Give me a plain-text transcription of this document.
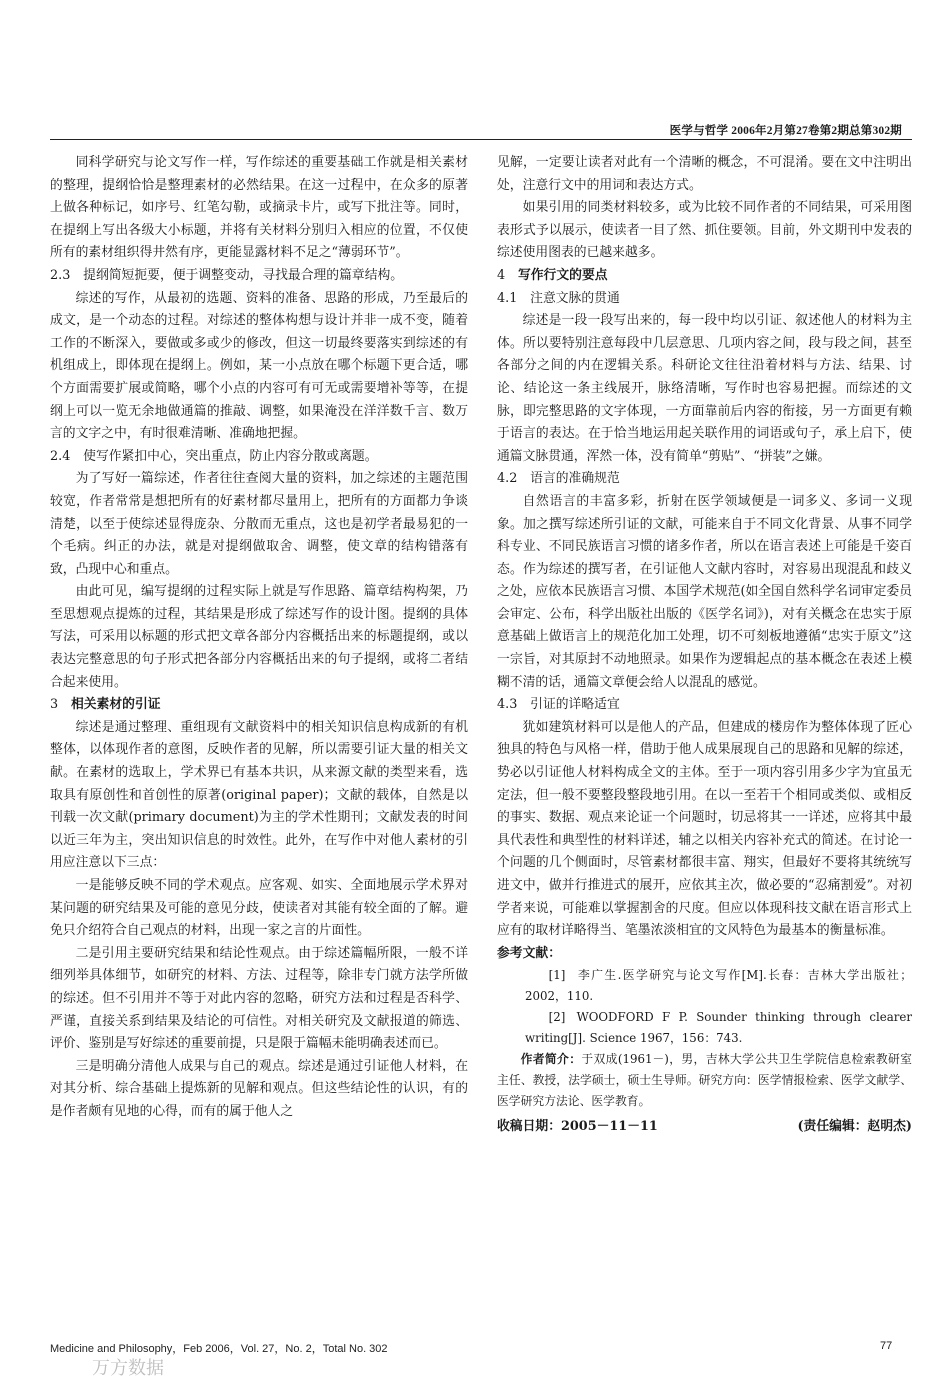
医学与哲学 2006年2月第27卷第2期总第302期

同科学研究与论文写作一样，写作综述的重要基础工作就是相关素材的整理，提纲恰恰是整理素材的必然结果。在这一过程中，在众多的原著上做各种标记，如序号、红笔勾勒，或摘录卡片，或写下批注等。同时，在提纲上写出各级大小标题，并将有关材料分别归入相应的位置，不仅使所有的素材组织得井然有序，更能显露材料不足之“薄弱环节”。

2.3 提纲简短扼要，便于调整变动，寻找最合理的篇章结构。

综述的写作，从最初的选题、资料的准备、思路的形成，乃至最后的成文，是一个动态的过程。对综述的整体构想与设计并非一成不变，随着工作的不断深入，要做或多或少的修改，但这一切最终要落实到综述的有机组成上，即体现在提纲上。例如，某一小点放在哪个标题下更合适，哪个方面需要扩展或简略，哪个小点的内容可有可无或需要增补等等，在提纲上可以一览无余地做通篇的推敲、调整，如果淹没在洋洋数千言、数万言的文字之中，有时很难清晰、准确地把握。

2.4 使写作紧扣中心，突出重点，防止内容分散或离题。

为了写好一篇综述，作者往往查阅大量的资料，加之综述的主题范围较宽，作者常常是想把所有的好素材都尽量用上，把所有的方面都力争谈清楚，以至于使综述显得庞杂、分散而无重点，这也是初学者最易犯的一个毛病。纠正的办法，就是对提纲做取舍、调整，使文章的结构错落有致，凸现中心和重点。

由此可见，编写提纲的过程实际上就是写作思路、篇章结构构架，乃至思想观点提炼的过程，其结果是形成了综述写作的设计图。提纲的具体写法，可采用以标题的形式把文章各部分内容概括出来的标题提纲，或以表达完整意思的句子形式把各部分内容概括出来的句子提纲，或将二者结合起来使用。

3 相关素材的引证

综述是通过整理、重组现有文献资料中的相关知识信息构成新的有机整体，以体现作者的意图，反映作者的见解，所以需要引证大量的相关文献。在素材的选取上，学术界已有基本共识，从来源文献的类型来看，选取具有原创性和首创性的原著(original paper)；文献的载体，自然是以刊载一次文献(primary document)为主的学术性期刊；文献发表的时间以近三年为主，突出知识信息的时效性。此外，在写作中对他人素材的引用应注意以下三点：

一是能够反映不同的学术观点。应客观、如实、全面地展示学术界对某问题的研究结果及可能的意见分歧，使读者对其能有较全面的了解。避免只介绍符合自己观点的材料，出现一家之言的片面性。

二是引用主要研究结果和结论性观点。由于综述篇幅所限，一般不详细列举具体细节，如研究的材料、方法、过程等，除非专门就方法学所做的综述。但不引用并不等于对此内容的忽略，研究方法和过程是否科学、严谨，直接关系到结果及结论的可信性。对相关研究及文献报道的筛选、评价、鉴别是写好综述的重要前提，只是限于篇幅未能明确表述而已。

三是明确分清他人成果与自己的观点。综述是通过引证他人材料，在对其分析、综合基础上提炼新的见解和观点。但这些结论性的认识，有的是作者颇有见地的心得，而有的属于他人之

见解，一定要让读者对此有一个清晰的概念，不可混淆。要在文中注明出处，注意行文中的用词和表达方式。

如果引用的同类材料较多，或为比较不同作者的不同结果，可采用图表形式予以展示，使读者一目了然、抓住要领。目前，外文期刊中发表的综述使用图表的已越来越多。

4 写作行文的要点

4.1 注意文脉的贯通

综述是一段一段写出来的，每一段中均以引证、叙述他人的材料为主体。所以要特别注意每段中几层意思、几项内容之间，段与段之间，甚至各部分之间的内在逻辑关系。科研论文往往沿着材料与方法、结果、讨论、结论这一条主线展开，脉络清晰，写作时也容易把握。而综述的文脉，即完整思路的文字体现，一方面靠前后内容的衔接，另一方面更有赖于语言的表达。在于恰当地运用起关联作用的词语或句子，承上启下，使通篇文脉贯通，浑然一体，没有简单“剪贴”、“拼装”之嫌。

4.2 语言的准确规范

自然语言的丰富多彩，折射在医学领域便是一词多义、多词一义现象。加之撰写综述所引证的文献，可能来自于不同文化背景、从事不同学科专业、不同民族语言习惯的诸多作者，所以在语言表述上可能是千姿百态。作为综述的撰写者，在引证他人文献内容时，对容易出现混乱和歧义之处，应依本民族语言习惯、本国学术规范(如全国自然科学名词审定委员会审定、公布，科学出版社出版的《医学名词》)，对有关概念在忠实于原意基础上做语言上的规范化加工处理，切不可刻板地遵循“忠实于原文”这一宗旨，对其原封不动地照录。如果作为逻辑起点的基本概念在表述上模糊不清的话，通篇文章便会给人以混乱的感觉。

4.3 引证的详略适宜

犹如建筑材料可以是他人的产品，但建成的楼房作为整体体现了匠心独具的特色与风格一样，借助于他人成果展现自己的思路和见解的综述，势必以引证他人材料构成全文的主体。至于一项内容引用多少字为宜虽无定法，但一般不要整段整段地引用。在以一至若干个相同或类似、或相反的事实、数据、观点来论证一个问题时，切忌将其一一详述，应将其中最具代表性和典型性的材料详述，辅之以相关内容补充式的简述。在讨论一个问题的几个侧面时，尽管素材都很丰富、翔实，但最好不要将其统统写进文中，做并行推进式的展开，应依其主次，做必要的“忍痛割爱”。对初学者来说，可能难以掌握割舍的尺度。但应以体现科技文献在语言形式上应有的取材详略得当、笔墨浓淡相宜的文风特色为最基本的衡量标准。

参考文献：

[1] 李广生.医学研究与论文写作[M].长春：吉林大学出版社；2002，110.

[2] WOODFORD F P. Sounder thinking through clearer writing[J]. Science 1967，156：743.

作者简介：于双成(1961－)，男，吉林大学公共卫生学院信息检索教研室主任、教授，法学硕士，硕士生导师。研究方向：医学情报检索、医学文献学、医学研究方法论、医学教育。

收稿日期：2005－11－11	(责任编辑：赵明杰)
Medicine and Philosophy，Feb 2006，Vol. 27，No. 2，Total No. 302	77
万方数据
